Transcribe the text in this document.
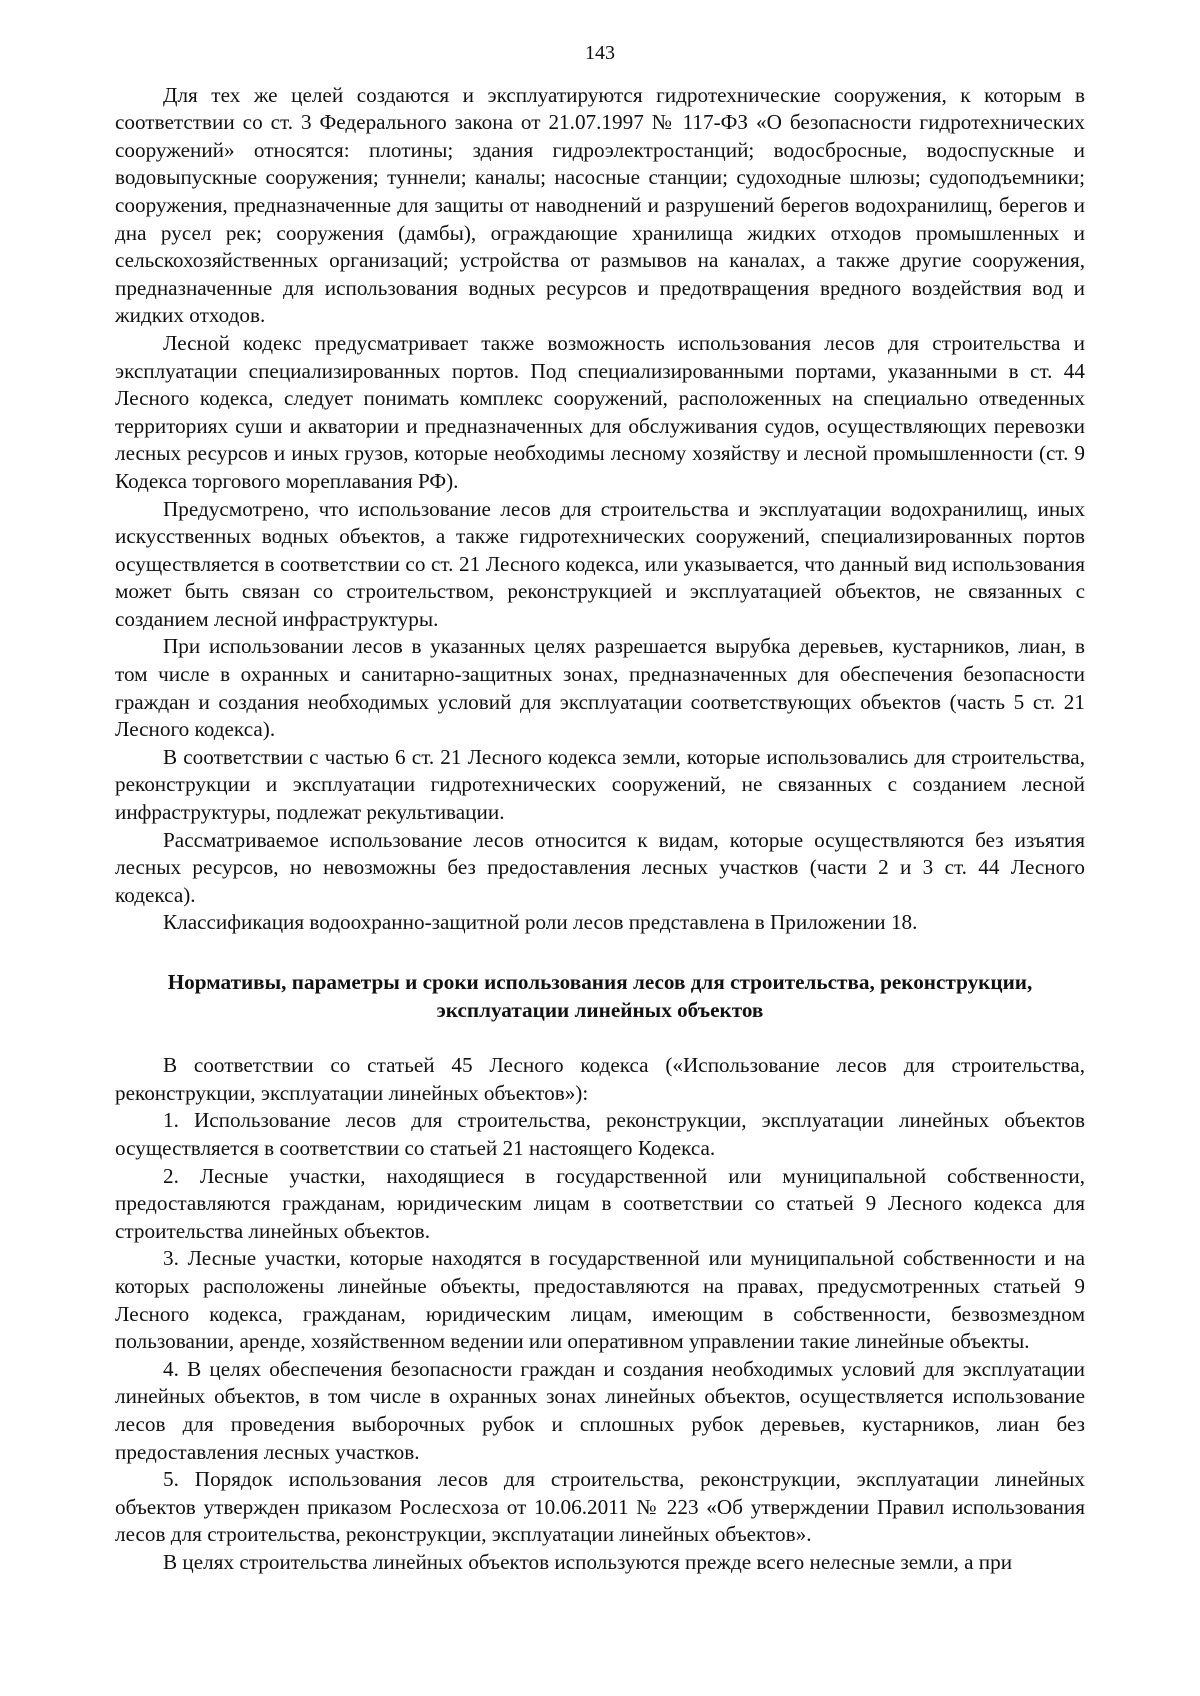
143

Для тех же целей создаются и эксплуатируются гидротехнические сооружения, к которым в соответствии со ст. 3 Федерального закона от 21.07.1997 № 117-ФЗ «О безопасности гидротехнических сооружений» относятся: плотины; здания гидроэлектростанций; водосбросные, водоспускные и водовыпускные сооружения; туннели; каналы; насосные станции; судоходные шлюзы; судоподъемники; сооружения, предназначенные для защиты от наводнений и разрушений берегов водохранилищ, берегов и дна русел рек; сооружения (дамбы), ограждающие хранилища жидких отходов промышленных и сельскохозяйственных организаций; устройства от размывов на каналах, а также другие сооружения, предназначенные для использования водных ресурсов и предотвращения вредного воздействия вод и жидких отходов.

Лесной кодекс предусматривает также возможность использования лесов для строительства и эксплуатации специализированных портов. Под специализированными портами, указанными в ст. 44 Лесного кодекса, следует понимать комплекс сооружений, расположенных на специально отведенных территориях суши и акватории и предназначенных для обслуживания судов, осуществляющих перевозки лесных ресурсов и иных грузов, которые необходимы лесному хозяйству и лесной промышленности (ст. 9 Кодекса торгового мореплавания РФ).

Предусмотрено, что использование лесов для строительства и эксплуатации водохранилищ, иных искусственных водных объектов, а также гидротехнических сооружений, специализированных портов осуществляется в соответствии со ст. 21 Лесного кодекса, или указывается, что данный вид использования может быть связан со строительством, реконструкцией и эксплуатацией объектов, не связанных с созданием лесной инфраструктуры.

При использовании лесов в указанных целях разрешается вырубка деревьев, кустарников, лиан, в том числе в охранных и санитарно-защитных зонах, предназначенных для обеспечения безопасности граждан и создания необходимых условий для эксплуатации соответствующих объектов (часть 5 ст. 21 Лесного кодекса).

В соответствии с частью 6 ст. 21 Лесного кодекса земли, которые использовались для строительства, реконструкции и эксплуатации гидротехнических сооружений, не связанных с созданием лесной инфраструктуры, подлежат рекультивации.

Рассматриваемое использование лесов относится к видам, которые осуществляются без изъятия лесных ресурсов, но невозможны без предоставления лесных участков (части 2 и 3 ст. 44 Лесного кодекса).

Классификация водоохранно-защитной роли лесов представлена в Приложении 18.

Нормативы, параметры и сроки использования лесов для строительства, реконструкции,
эксплуатации линейных объектов

В соответствии со статьей 45 Лесного кодекса («Использование лесов для строительства, реконструкции, эксплуатации линейных объектов»):

1. Использование лесов для строительства, реконструкции, эксплуатации линейных объектов осуществляется в соответствии со статьей 21 настоящего Кодекса.

2. Лесные участки, находящиеся в государственной или муниципальной собственности, предоставляются гражданам, юридическим лицам в соответствии со статьей 9 Лесного кодекса для строительства линейных объектов.

3. Лесные участки, которые находятся в государственной или муниципальной собственности и на которых расположены линейные объекты, предоставляются на правах, предусмотренных статьей 9 Лесного кодекса, гражданам, юридическим лицам, имеющим в собственности, безвозмездном пользовании, аренде, хозяйственном ведении или оперативном управлении такие линейные объекты.

4. В целях обеспечения безопасности граждан и создания необходимых условий для эксплуатации линейных объектов, в том числе в охранных зонах линейных объектов, осуществляется использование лесов для проведения выборочных рубок и сплошных рубок деревьев, кустарников, лиан без предоставления лесных участков.

5. Порядок использования лесов для строительства, реконструкции, эксплуатации линейных объектов утвержден приказом Рослесхоза от 10.06.2011 № 223 «Об утверждении Правил использования лесов для строительства, реконструкции, эксплуатации линейных объектов».

В целях строительства линейных объектов используются прежде всего нелесные земли, а при
